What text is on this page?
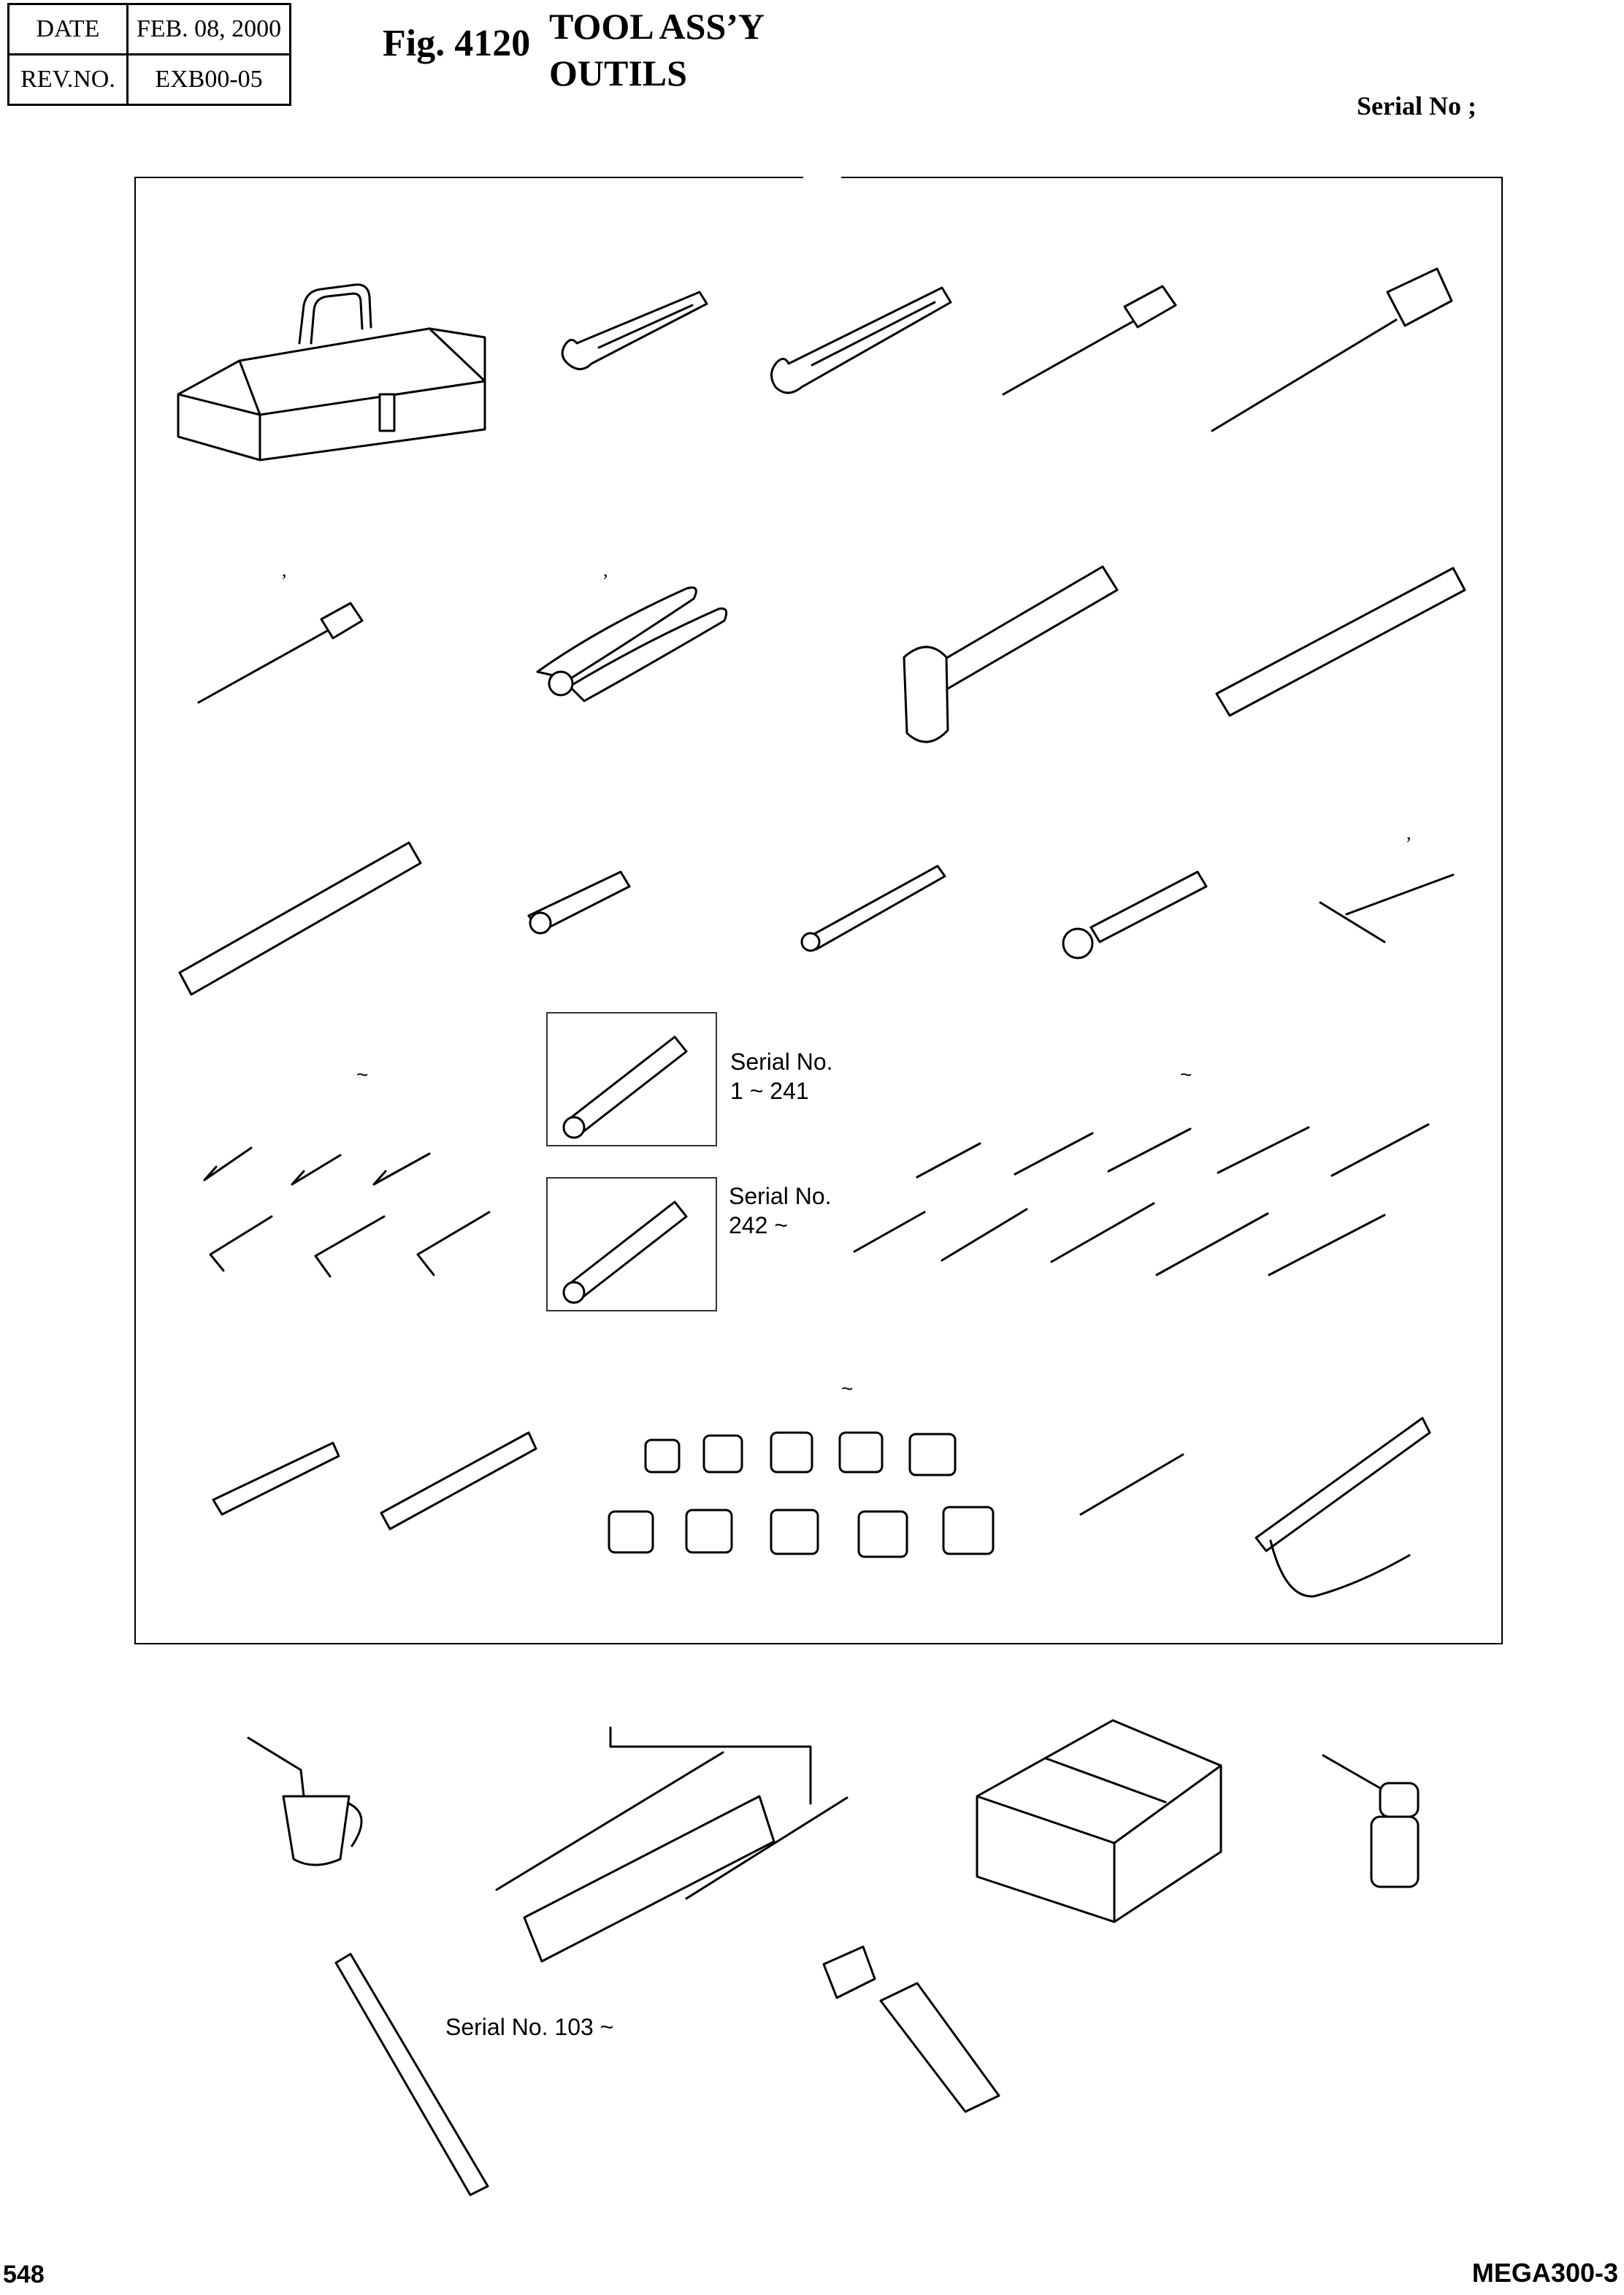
DATE	FEB. 08, 2000
REV.NO.	EXB00-05
Fig. 4120 TOOL ASS’Y
OUTILS
Serial No ;
Serial No.
1 ~ 241
Serial No.
242 ~
Serial No. 103 ~
~	~
~
,	,
,
548	MEGA300-3
